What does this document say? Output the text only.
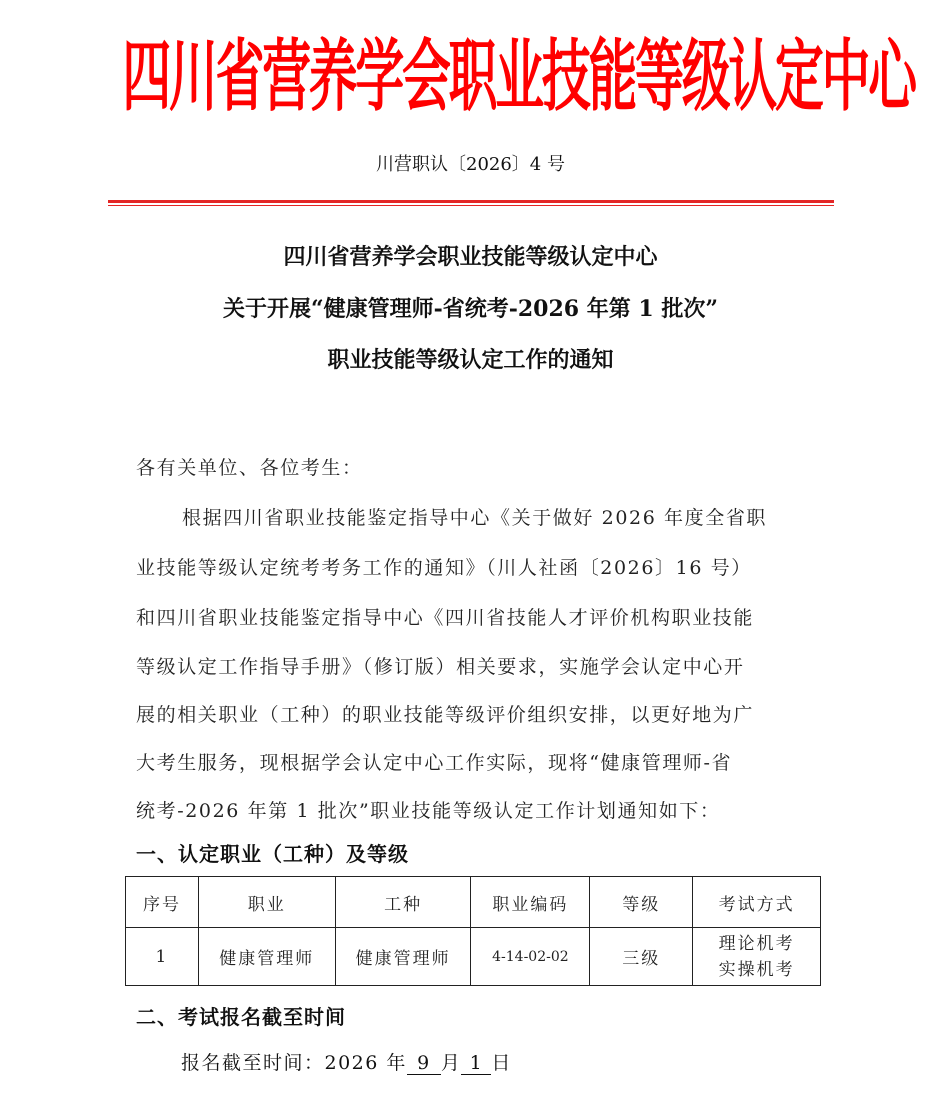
四川省营养学会职业技能等级认定中心
川营职认〔2026〕4 号
四川省营养学会职业技能等级认定中心
关于开展“健康管理师-省统考-2026 年第 1 批次”
职业技能等级认定工作的通知
各有关单位、各位考生：
根据四川省职业技能鉴定指导中心《关于做好 2026 年度全省职
业技能等级认定统考考务工作的通知》（川人社函〔2026〕16 号）
和四川省职业技能鉴定指导中心《四川省技能人才评价机构职业技能
等级认定工作指导手册》（修订版）相关要求，实施学会认定中心开
展的相关职业（工种）的职业技能等级评价组织安排，以更好地为广
大考生服务，现根据学会认定中心工作实际，现将“健康管理师-省
统考-2026 年第 1 批次”职业技能等级认定工作计划通知如下：
一、认定职业（工种）及等级
序号	职业	工种	职业编码	等级	考试方式
1	健康管理师	健康管理师	4-14-02-02	三级	理论机考
实操机考
二、考试报名截至时间
报名截至时间：2026 年 9 月 1 日
